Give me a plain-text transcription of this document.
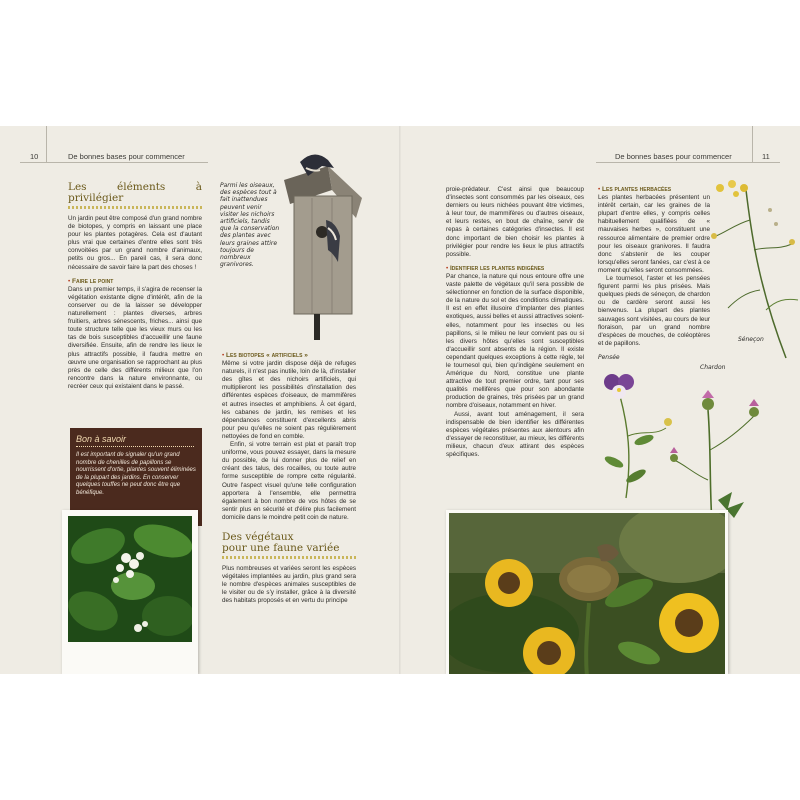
10	De bonnes bases pour commencer	De bonnes bases pour commencer	11
Les éléments à privilégier

Un jardin peut être composé d'un grand nombre de biotopes, y compris en laissant une place pour les plantes potagères. Cela est d'autant plus vrai que certaines d'entre elles sont très convoitées par un grand nombre d'animaux, petits ou gros... En pareil cas, il sera donc nécessaire de savoir faire la part des choses !

• Faire le point

Dans un premier temps, il s'agira de recenser la végétation existante digne d'intérêt, afin de la conserver ou de la laisser se développer naturellement : plantes diverses, arbres fruitiers, arbres sénescents, friches... ainsi que toute structure telle que les vieux murs ou les tas de bois susceptibles d'accueillir une faune diversifiée. Ensuite, afin de rendre les lieux le plus attractifs possible, il faudra mettre en œuvre une organisation se rapprochant au plus près de celle des différents milieux que l'on rencontre dans la nature environnante, ou recréer ceux qui existaient dans le passé.

Bon à savoir
Il est important de signaler qu'un grand nombre de chenilles de papillons se nourrissent d'ortie, plantes souvent éliminées de la plupart des jardins. En conserver quelques touffes ne peut donc être que bénéfique.
Parmi les oiseaux, des espèces tout à fait inattendues peuvent venir visiter les nichoirs artificiels, tandis que la conservation des plantes avec leurs graines attire toujours de nombreux granivores.

• Les biotopes « artificiels »

Même si votre jardin dispose déjà de refuges naturels, il n'est pas inutile, loin de là, d'installer des gîtes et des nichoirs artificiels, qui multiplieront les possibilités d'installation des différentes espèces d'oiseaux, de mammifères et autres insectes et amphibiens. À cet égard, les cabanes de jardin, les remises et les dépendances constituent d'excellents abris pour peu qu'elles ne soient pas régulièrement nettoyées de fond en comble.

Enfin, si votre terrain est plat et paraît trop uniforme, vous pouvez essayer, dans la mesure du possible, de lui donner plus de relief en créant des talus, des rocailles, ou toute autre forme susceptible de rompre cette régularité. Outre l'aspect visuel qu'une telle configuration apportera à l'ensemble, elle permettra également à bon nombre de vos hôtes de se sentir plus en sécurité et d'élire plus facilement domicile dans le moindre petit coin de nature.

Des végétaux
pour une faune variée

Plus nombreuses et variées seront les espèces végétales implantées au jardin, plus grand sera le nombre d'espèces animales susceptibles de le visiter ou de s'y installer, grâce à la diversité des habitats proposés et en vertu du principe

proie-prédateur. C'est ainsi que beaucoup d'insectes sont consommés par les oiseaux, ces derniers ou leurs nichées pouvant être victimes, à leur tour, de mammifères ou d'autres oiseaux, et leurs restes, en bout de chaîne, servir de repas à certaines catégories d'insectes. Il est donc important de bien choisir les plantes à privilégier pour rendre les lieux le plus attractifs possible.

• Identifier les plantes indigènes

Par chance, la nature qui nous entoure offre une vaste palette de végétaux qu'il sera possible de sélectionner en fonction de la surface disponible, de la nature du sol et des conditions climatiques. Il est en effet illusoire d'implanter des plantes exotiques, aussi belles et aussi attractives soient-elles, notamment pour les insectes ou les papillons, si le milieu ne leur convient pas ou si les divers hôtes qu'elles sont susceptibles d'accueillir sont absents de la région. Il existe cependant quelques exceptions à cette règle, tel le tournesol qui, bien qu'indigène seulement en Amérique du Nord, constitue une plante attractive de tout premier ordre, tant pour ses qualités mellifères que pour son abondante production de graines, très prisées par un grand nombre d'oiseaux, notamment en hiver.

Aussi, avant tout aménagement, il sera indispensable de bien identifier les différentes espèces végétales présentes aux alentours afin d'essayer de reconstituer, au mieux, les différents milieux, chacun d'eux attirant des espèces spécifiques.

• Les plantes herbacées

Les plantes herbacées présentent un intérêt certain, car les graines de la plupart d'entre elles, y compris celles habituellement qualifiées de « mauvaises herbes », constituent une ressource alimentaire de premier ordre pour les oiseaux granivores. Il faudra donc s'abstenir de les couper lorsqu'elles seront fanées, car c'est à ce moment qu'elles seront consommées.

Le tournesol, l'aster et les pensées figurent parmi les plus prisées. Mais quelques pieds de séneçon, de chardon ou de cardère seront aussi les bienvenus. La plupart des plantes sauvages sont visitées, au cours de leur floraison, par un grand nombre d'espèces de mouches, de coléoptères et de papillons.

Séneçon
Pensée
Chardon
